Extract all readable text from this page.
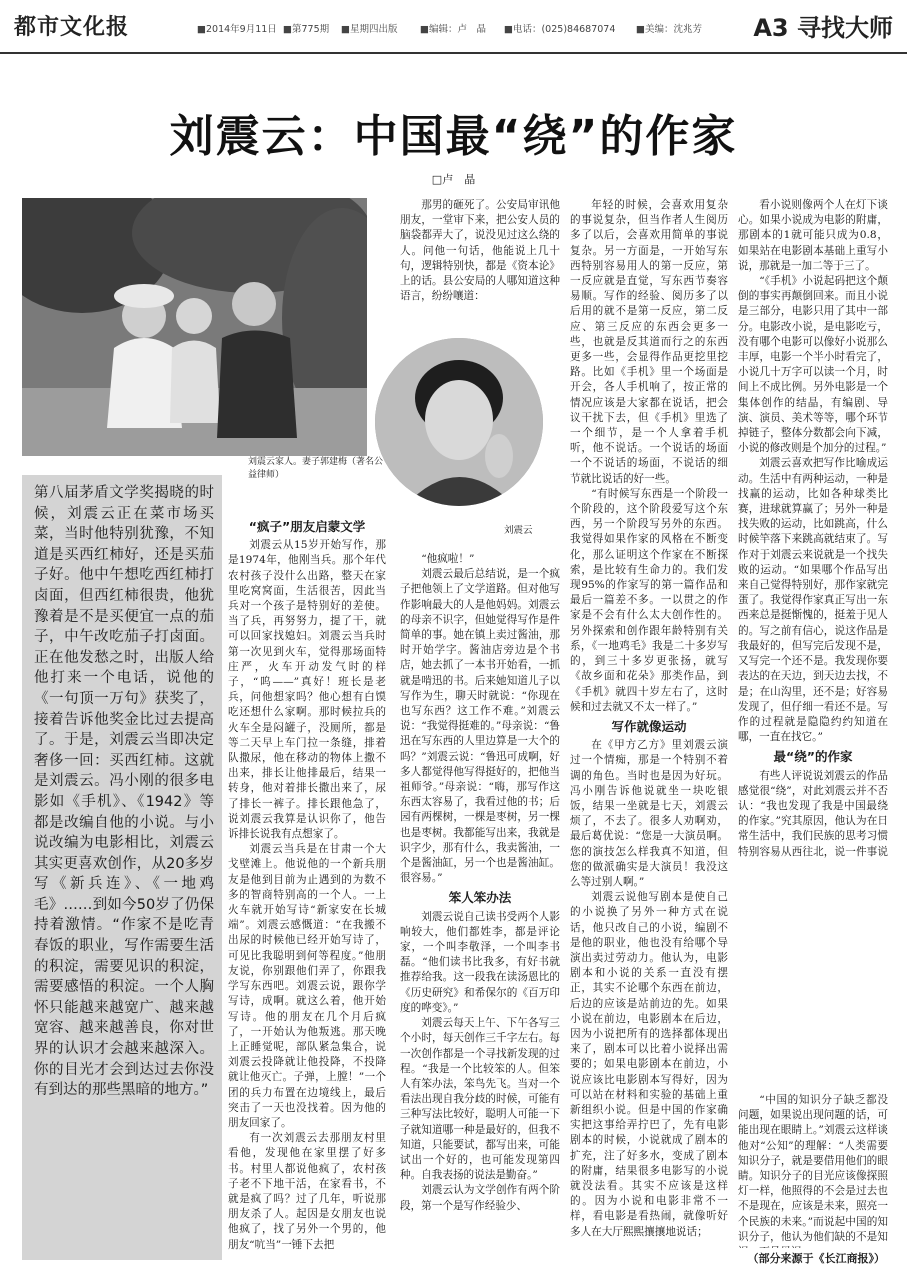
都市文化报	■2014年9月11日 ■第775期 ■星期四出版 ■编辑：卢　晶 ■电话：(025)84687074 ■美编：沈兆芳 A3 寻找大师
刘震云：中国最“绕”的作家
□卢　晶
刘震云家人。妻子郭建梅（著名公益律师）
刘震云
第八届茅盾文学奖揭晓的时候，刘震云正在菜市场买菜，当时他特别犹豫，不知道是买西红柿好，还是买茄子好。他中午想吃西红柿打卤面，但西红柿很贵，他犹豫着是不是买便宜一点的茄子，中午改吃茄子打卤面。正在他发愁之时，出版人给他打来一个电话，说他的《一句顶一万句》获奖了，接着告诉他奖金比过去提高了。于是，刘震云当即决定奢侈一回：买西红柿。这就是刘震云。冯小刚的很多电影如《手机》、《1942》等都是改编自他的小说。与小说改编为电影相比，刘震云其实更喜欢创作，从20多岁写《新兵连》、《一地鸡毛》……到如今50岁了仍保持着激情。“作家不是吃青春饭的职业，写作需要生活的积淀，需要见识的积淀，需要感悟的积淀。一个人胸怀只能越来越宽广、越来越宽容、越来越善良，你对世界的认识才会越来越深入。你的目光才会到达过去你没有到达的那些黑暗的地方。”
“疯子”朋友启蒙文学

刘震云从15岁开始写作，那是1974年，他刚当兵。那个年代农村孩子没什么出路，整天在家里吃窝窝面，生活很苦，因此当兵对一个孩子是特别好的差使。当了兵，再努努力，提了干，就可以回家找媳妇。刘震云当兵时第一次见到火车，觉得那场面特庄严，火车开动发气时的样子，“呜——”真好！班长是老兵，问他想家吗？他心想有白馍吃还想什么家啊。那时候拉兵的火车全是闷罐子，没厕所，都是等二天早上车门拉一条缝，排着队撒尿，他在移动的物体上撒不出来，排长让他排最后，结果一转身，他对着排长撒出来了，尿了排长一裤子。排长跟他急了，说刘震云我算是认识你了，他告诉排长说我有点想家了。

刘震云当兵是在甘肃一个大戈壁滩上。他说他的一个新兵朋友是他到目前为止遇到的为数不多的智商特别高的一个人。一上火车就开始写诗“新家安在长城端”。刘震云感慨道：“在我搬不出尿的时候他已经开始写诗了，可见比我聪明到何等程度。”他朋友说，你别跟他们弄了，你跟我学写东西吧。刘震云说，跟你学写诗，成啊。就这么着，他开始写诗。他的朋友在几个月后疯了，一开始认为他叛逃。那天晚上正睡觉呢，部队紧急集合，说刘震云投降就让他投降，不投降就让他灭亡。子弹，上膛！”一个团的兵力布置在边境线上，最后突击了一天也没找着。因为他的朋友回家了。

有一次刘震云去那朋友村里看他，发现他在家里摆了好多书。村里人都说他疯了，农村孩子老不下地干活，在家看书，不就是疯了吗？过了几年，听说那朋友杀了人。起因是女朋友也说他疯了，找了另外一个男的，他朋友“吭当”一锤下去把

那男的砸死了。公安局审讯他朋友，一堂审下来，把公安人员的脑袋都弄大了，说没见过这么绕的人。问他一句话，他能说上几十句，逻辑特别快，都是《资本论》上的话。县公安局的人哪知道这种语言，纷纷嚷道：

“他疯啦！”

刘震云最后总结说，是一个疯子把他领上了文学道路。但对他写作影响最大的人是他妈妈。刘震云的母亲不识字，但她觉得写作是件简单的事。她在镇上卖过酱油，那时开始学字。酱油店旁边是个书店，她去抓了一本书开始看，一抓就是啃迅的书。后来她知道儿子以写作为生，聊天时就说：“你现在也写东西？这工作不难。”刘震云说：“我觉得挺难的。”母亲说：“鲁迅在写东西的人里边算是一大个的吗？”刘震云说：“鲁迅可成啊，好多人都觉得他写得挺好的，把他当祖师爷。”母亲说：“嗨，那写作这东西太容易了，我看过他的书；后园有两棵树，一棵是枣树，另一棵也是枣树。我都能写出来，我就是识字少，那有什么，我卖酱油，一个是酱油缸，另一个也是酱油缸。很容易。”

笨人笨办法

刘震云说自己读书受两个人影响较大，他们都姓李，都是评论家，一个叫李敬泽，一个叫李书磊。“他们读书比我多，有好书就推荐给我。这一段我在读汤恩比的《历史研究》和希保尔的《百万印度的哗变》。”

刘震云每天上午、下午各写三个小时，每天创作三千字左右。每一次创作都是一个寻找新发现的过程。“我是一个比较笨的人。但笨人有笨办法，笨鸟先飞。当对一个看法出现自我分歧的时候，可能有三种写法比较好，聪明人可能一下子就知道哪一种是最好的，但我不知道，只能要试，都写出来，可能试出一个好的，也可能发现第四种。自我表扬的说法是勤奋。”

刘震云认为文学创作有两个阶段，第一个是写作经验少、

年轻的时候，会喜欢用复杂的事说复杂，但当作者人生阅历多了以后，会喜欢用简单的事说复杂。另一方面是，一开始写东西特别容易用人的第一反应，第一反应就是直觉，写东西节奏容易顺。写作的经验、阅历多了以后用的就不是第一反应，第二反应、第三反应的东西会更多一些，也就是反其道而行之的东西更多一些，会显得作品更挖里挖路。比如《手机》里一个场面是开会，各人手机响了，按正常的情况应该是大家都在说话，把会议干扰下去，但《手机》里选了一个细节，是一个人拿着手机听，他不说话。一个说话的场面一个不说话的场面，不说话的细节就比说话的好一些。

“有时候写东西是一个阶段一个阶段的，这个阶段爱写这个东西，另一个阶段写另外的东西。我觉得如果作家的风格在不断变化，那么证明这个作家在不断探索，是比较有生命力的。我们发现95%的作家写的第一篇作品和最后一篇差不多。一以贯之的作家是不会有什么太大创作性的。另外探索和创作跟年龄特别有关系，《一地鸡毛》我是二十多岁写的，到三十多岁更张扬，就写《故乡面和花朵》那类作品，到《手机》就四十岁左右了，这时候和过去就又不太一样了。”

写作就像运动

在《甲方乙方》里刘震云演过一个情痴，那是一个特别不着调的角色。当时也是因为好玩。冯小刚告诉他说就坐一块吃银饭，结果一坐就是七天，刘震云烦了，不去了。很多人劝啊劝，最后葛优说：“您是一大演员啊。您的演技怎么样我真不知道，但您的做派确实是大演员！我没这么等过别人啊。”

刘震云说他写剧本是使自己的小说换了另外一种方式在说话，他只改自己的小说，编剧不是他的职业，他也没有给哪个导演出卖过劳动力。他认为，电影剧本和小说的关系一直没有摆正，其实不论哪个东西在前边，后边的应该是站前边的先。如果小说在前边，电影剧本在后边，因为小说把所有的选择都体现出来了，剧本可以比着小说择出需要的；如果电影剧本在前边，小说应该比电影剧本写得好，因为可以站在材料和实验的基础上重新组织小说。但是中国的作家确实把这事给弄拧巴了，先有电影剧本的时候，小说就成了剧本的扩充，注了好多水，变成了剧本的附庸，结果很多电影写的小说就没法看。其实不应该是这样的。因为小说和电影非常不一样，看电影是看热闹，就像听好多人在大厅熙熙攘攘地说话；

看小说则像两个人在灯下谈心。如果小说成为电影的附庸，那剧本的1就可能只成为0.8，如果站在电影剧本基础上重写小说，那就是一加二等于三了。

“《手机》小说起码把这个颠倒的事实再颠倒回来。而且小说是三部分，电影只用了其中一部分。电影改小说，是电影吃亏，没有哪个电影可以像好小说那么丰厚，电影一个半小时看完了，小说几十万字可以读一个月，时间上不成比例。另外电影是一个集体创作的结晶，有编剧、导演、演员、美术等等，哪个环节掉链子，整体分数都会向下减，小说的修改则是个加分的过程。”

刘震云喜欢把写作比喻成运动。生活中有两种运动，一种是找赢的运动，比如各种球类比赛，进球就算赢了；另外一种是找失败的运动，比如跳高，什么时候竿落下来跳高就结束了。写作对于刘震云来说就是一个找失败的运动。“如果哪个作品写出来自己觉得特别好，那作家就完蛋了。我觉得作家真正写出一东西来总是挺惭愧的，挺羞于见人的。写之前有信心，说这作品是我最好的，但写完后发现不是，又写完一个还不是。我发现你要表达的在天边，到天边去找，不是；在山沟里，还不是；好容易发现了，但仔细一看还不是。写作的过程就是隐隐约约知道在哪，一直在找它。”

最“绕”的作家

有些人评说说刘震云的作品感觉很“绕”，对此刘震云并不否认：“我也发现了我是中国最绕的作家。”究其原因，他认为在日常生活中，我们民族的思考习惯特别容易从西往北，说一件事说

“中国的知识分子缺乏都没问题，如果说出现问题的话，可能出现在眼睛上。”刘震云这样谈他对“公知”的理解：“人类需要知识分子，就是要借用他们的眼睛。知识分子的目光应该像探照灯一样，他照得的不会是过去也不是现在，应该是未来，照亮一个民族的未来。”而说起中国的知识分子，他认为他们缺的不是知

（部分来源于《长江商报》）
